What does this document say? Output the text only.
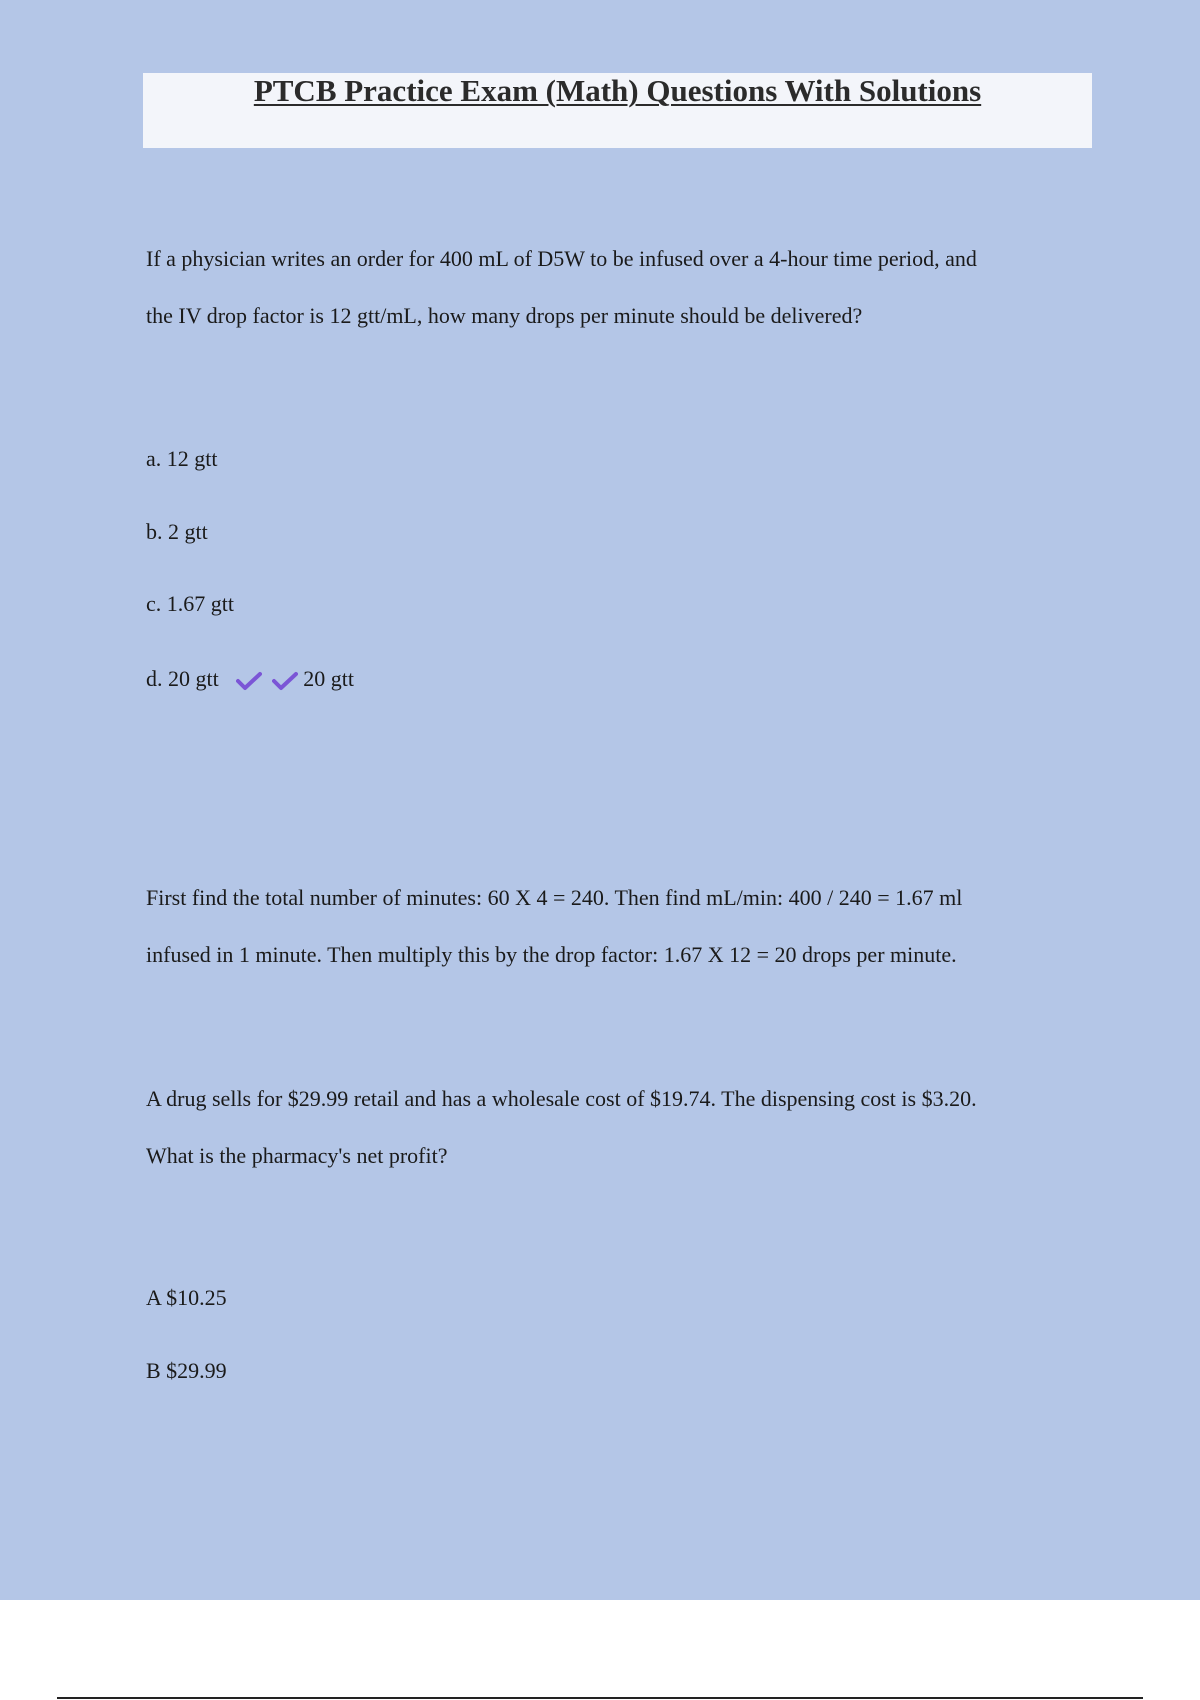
PTCB Practice Exam (Math) Questions With Solutions
If a physician writes an order for 400 mL of D5W to be infused over a 4-hour time period, and
the IV drop factor is 12 gtt/mL, how many drops per minute should be delivered?
a. 12 gtt
b. 2 gtt
c. 1.67 gtt
d. 20 gtt
	20 gtt
First find the total number of minutes: 60 X 4 = 240. Then find mL/min: 400 / 240 = 1.67 ml
infused in 1 minute. Then multiply this by the drop factor: 1.67 X 12 = 20 drops per minute.
A drug sells for $29.99 retail and has a wholesale cost of $19.74. The dispensing cost is $3.20.
What is the pharmacy's net profit?
A $10.25
B $29.99
